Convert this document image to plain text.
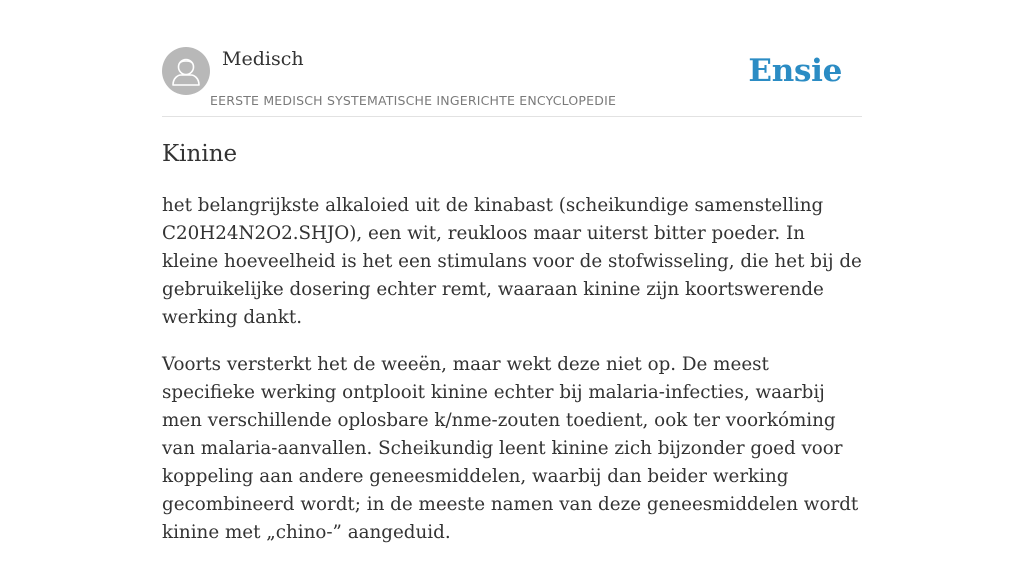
Medisch
EERSTE MEDISCH SYSTEMATISCHE INGERICHTE ENCYCLOPEDIE
Ensie
Kinine

het belangrijkste alkaloied uit de kinabast (scheikundige samenstelling C20H24N2O2.SHJO), een wit, reukloos maar uiterst bitter poeder. In kleine hoeveelheid is het een stimulans voor de stofwisseling, die het bij de gebruikelijke dosering echter remt, waaraan kinine zijn koortswerende werking dankt.

Voorts versterkt het de weeën, maar wekt deze niet op. De meest specifieke werking ontplooit kinine echter bij malaria-infecties, waarbij men verschillende oplosbare k/nme-zouten toedient, ook ter voorkóming van malaria-aanvallen. Scheikundig leent kinine zich bijzonder goed voor koppeling aan andere geneesmiddelen, waarbij dan beider werking gecombineerd wordt; in de meeste namen van deze geneesmiddelen wordt kinine met „chino-” aangeduid.
